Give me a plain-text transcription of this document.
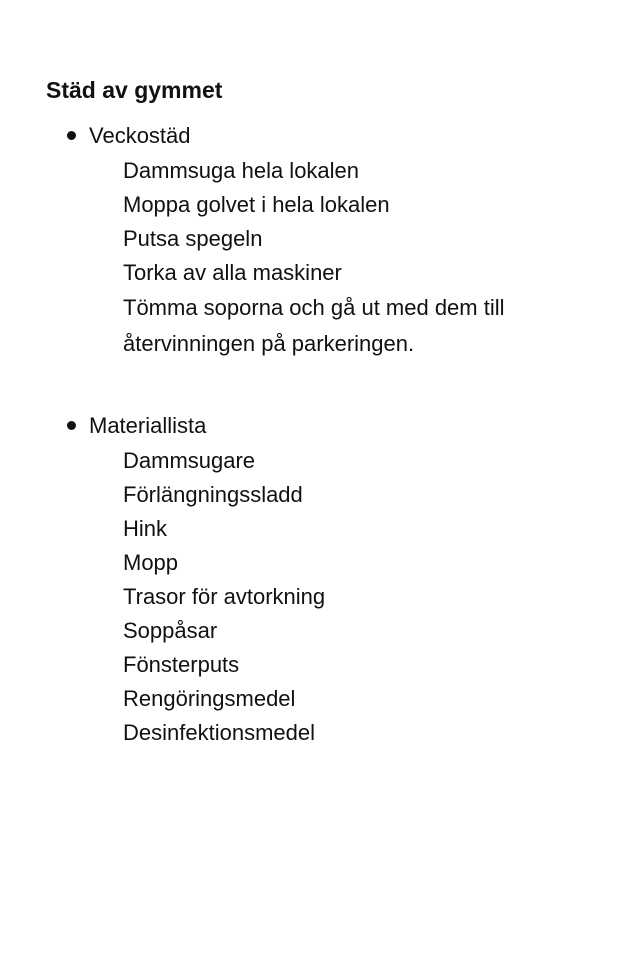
Städ av gymmet
Veckostäd
Dammsuga hela lokalen
Moppa golvet i hela lokalen
Putsa spegeln
Torka av alla maskiner
Tömma soporna och gå ut med dem till återvinningen på parkeringen.
Materiallista
Dammsugare
Förlängningssladd
Hink
Mopp
Trasor för avtorkning
Soppåsar
Fönsterputs
Rengöringsmedel
Desinfektionsmedel
